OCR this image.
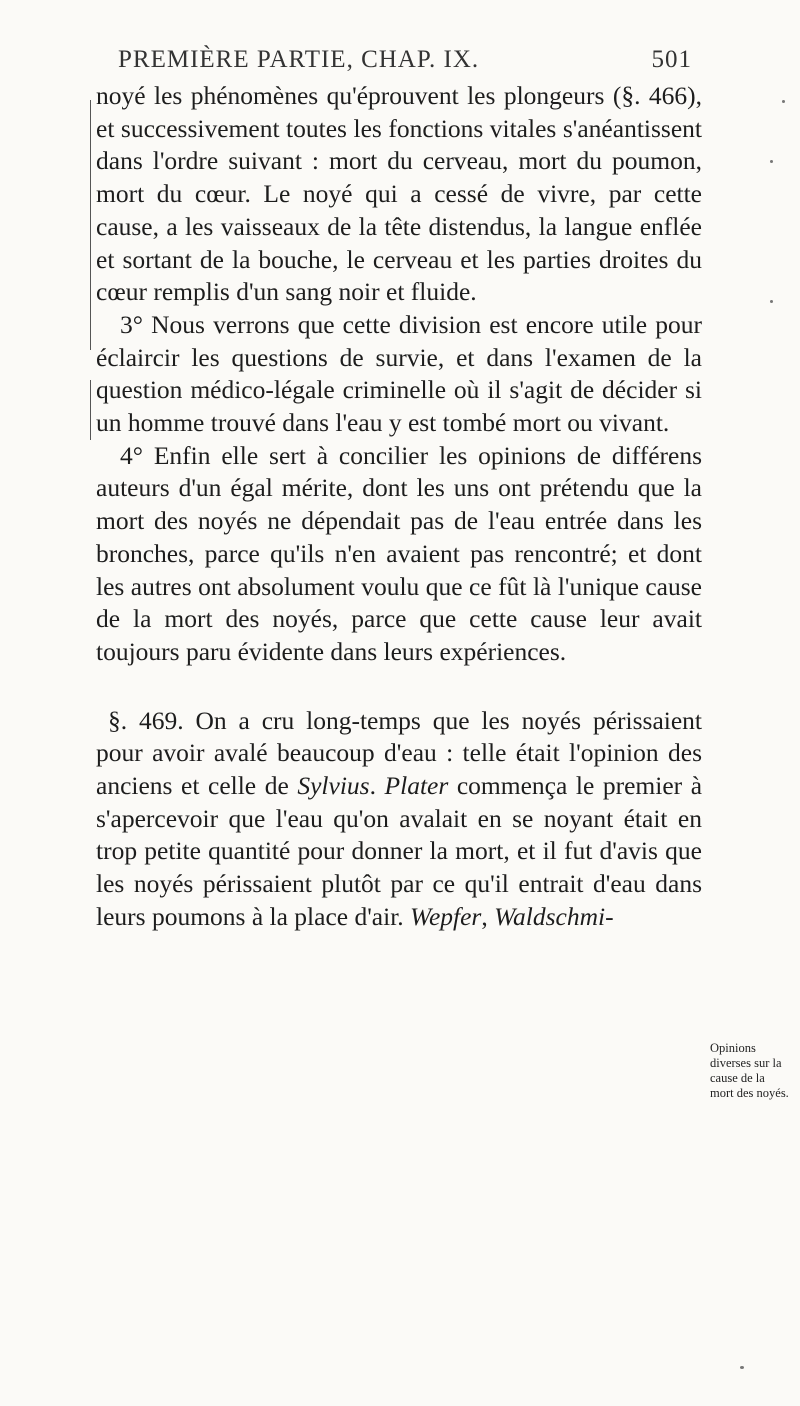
PREMIÈRE PARTIE, CHAP. IX.	501

noyé les phénomènes qu'éprouvent les plongeurs (§. 466), et successivement toutes les fonctions vitales s'anéantissent dans l'ordre suivant : mort du cerveau, mort du poumon, mort du cœur. Le noyé qui a cessé de vivre, par cette cause, a les vaisseaux de la tête distendus, la langue enflée et sortant de la bouche, le cerveau et les parties droites du cœur remplis d'un sang noir et fluide.

3° Nous verrons que cette division est encore utile pour éclaircir les questions de survie, et dans l'examen de la question médico-légale criminelle où il s'agit de décider si un homme trouvé dans l'eau y est tombé mort ou vivant.

4° Enfin elle sert à concilier les opinions de différens auteurs d'un égal mérite, dont les uns ont prétendu que la mort des noyés ne dépendait pas de l'eau entrée dans les bronches, parce qu'ils n'en avaient pas rencontré; et dont les autres ont absolument voulu que ce fût là l'unique cause de la mort des noyés, parce que cette cause leur avait toujours paru évidente dans leurs expériences.

§. 469. On a cru long-temps que les noyés périssaient pour avoir avalé beaucoup d'eau : telle était l'opinion des anciens et celle de Sylvius. Plater commença le premier à s'apercevoir que l'eau qu'on avalait en se noyant était en trop petite quantité pour donner la mort, et il fut d'avis que les noyés périssaient plutôt par ce qu'il entrait d'eau dans leurs poumons à la place d'air. Wepfer, Waldschmi-

Opinions diverses sur la cause de la mort des noyés.
